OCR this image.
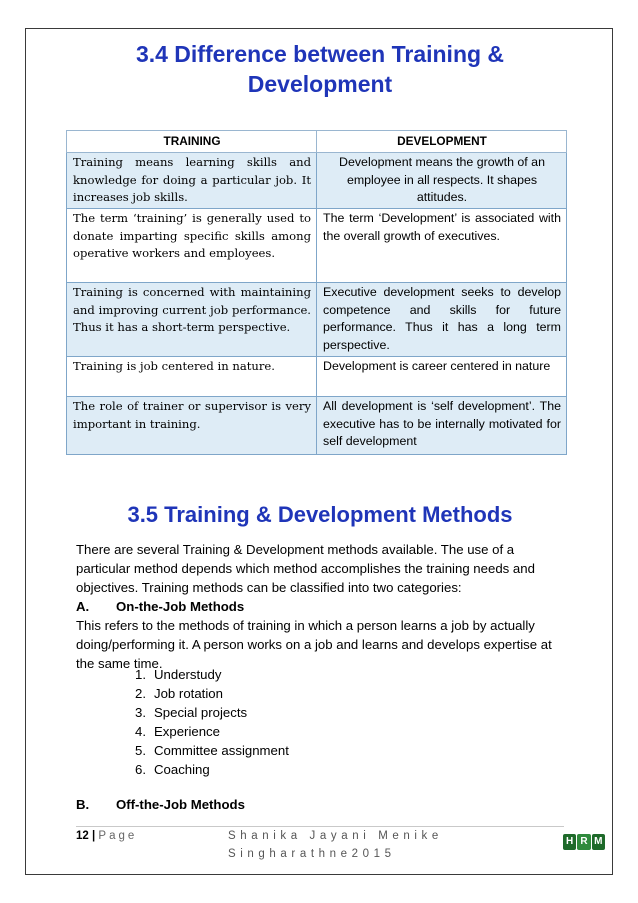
3.4 Difference between Training &
Development
TRAINING	DEVELOPMENT
Training means learning skills and knowledge for doing a particular job. It increases job skills.	Development means the growth of an employee in all respects. It shapes attitudes.
The term ‘training’ is generally used to donate imparting specific skills among operative workers and employees.	The term ‘Development’ is associated with the overall growth of executives.
Training is concerned with maintaining and improving current job performance. Thus it has a short-term perspective.	Executive development seeks to develop competence and skills for future performance. Thus it has a long term perspective.
Training is job centered in nature.	Development is career centered in nature
The role of trainer or supervisor is very important in training.	All development is ‘self development’. The executive has to be internally motivated for self development
3.5 Training & Development Methods
There are several Training & Development methods available. The use of a particular method depends which method accomplishes the training needs and objectives. Training methods can be classified into two categories:
A. On-the-Job Methods
This refers to the methods of training in which a person learns a job by actually doing/performing it. A person works on a job and learns and develops expertise at the same time.
1. Understudy
2. Job rotation
3. Special projects
4. Experience
5. Committee assignment
6. Coaching
B. Off-the-Job Methods
12 | Page	Shanika Jayani Menike Singharathne2015
H R M
